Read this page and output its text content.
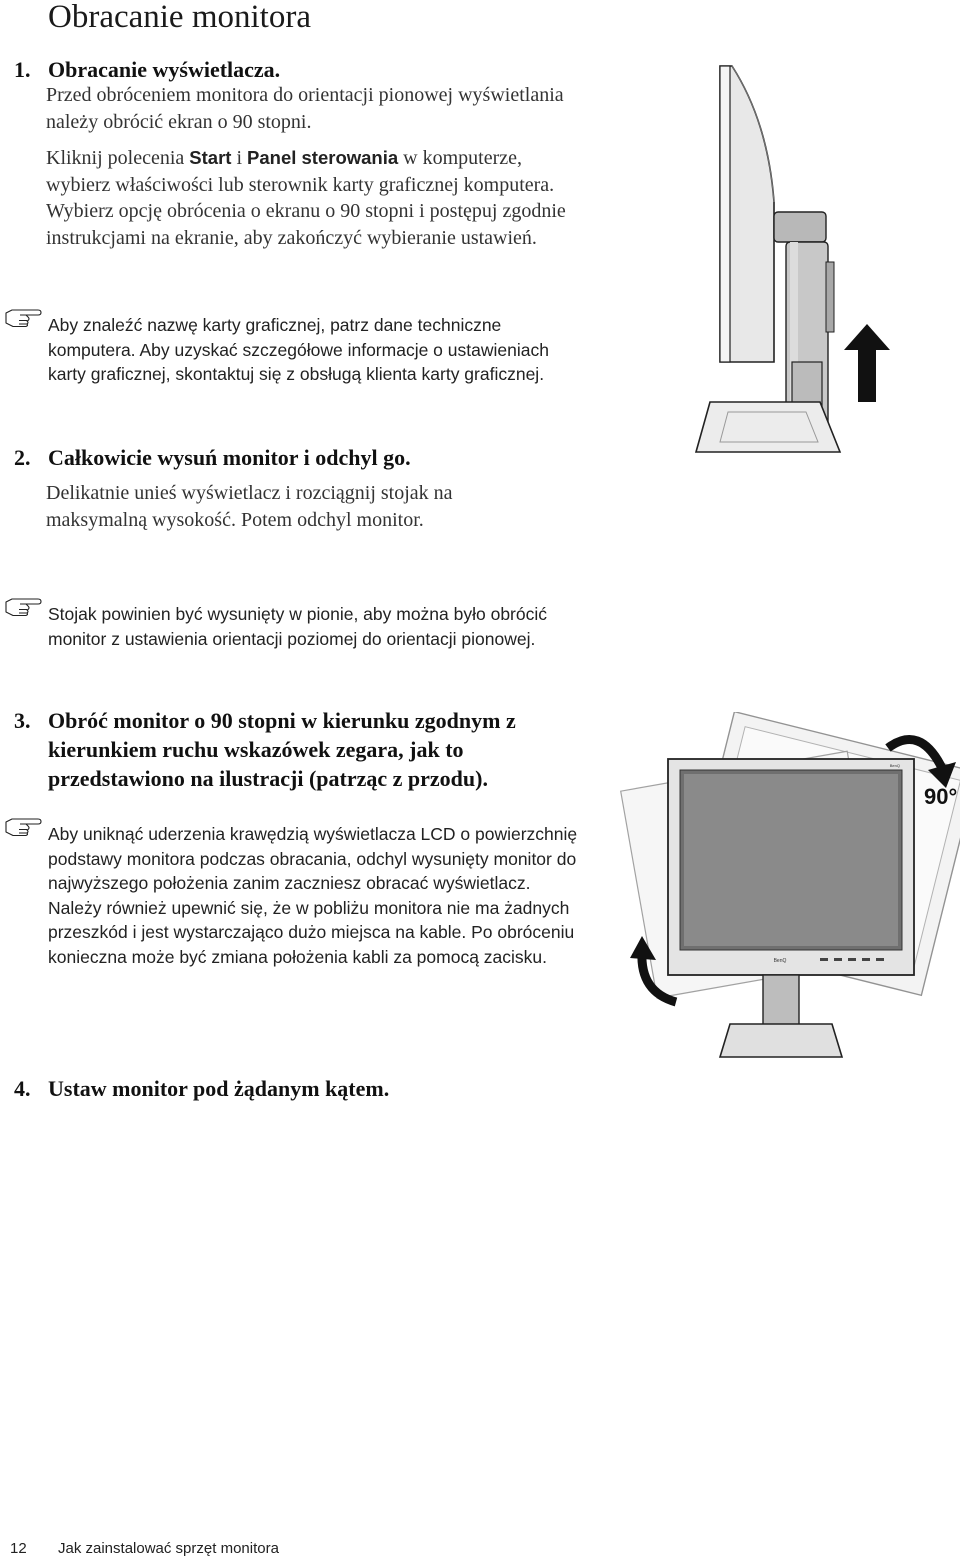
Obracanie monitora
1. Obracanie wyświetlacza.

Przed obróceniem monitora do orientacji pionowej wyświetlania należy obrócić ekran o 90 stopni.

Kliknij polecenia Start i Panel sterowania w komputerze, wybierz właściwości lub sterownik karty graficznej komputera. Wybierz opcję obrócenia o ekranu o 90 stopni i postępuj zgodnie instrukcjami na ekranie, aby zakończyć wybieranie ustawień.

Aby znaleźć nazwę karty graficznej, patrz dane techniczne komputera. Aby uzyskać szczegółowe informacje o ustawieniach karty graficznej, skontaktuj się z obsługą klienta karty graficznej.

2. Całkowicie wysuń monitor i odchyl go.
Delikatnie unieś wyświetlacz i rozciągnij stojak na maksymalną wysokość. Potem odchyl monitor.

Stojak powinien być wysunięty w pionie, aby można było obrócić monitor z ustawienia orientacji poziomej do orientacji pionowej.

3. Obróć monitor o 90 stopni w kierunku zgodnym z kierunkiem ruchu wskazówek zegara, jak to przedstawiono na ilustracji (patrząc z przodu).

Aby uniknąć uderzenia krawędzią wyświetlacza LCD o powierzchnię podstawy monitora podczas obracania, odchyl wysunięty monitor do najwyższego położenia zanim zaczniesz obracać wyświetlacz.

Należy również upewnić się, że w pobliżu monitora nie ma żadnych przeszkód i jest wystarczająco dużo miejsca na kable. Po obróceniu konieczna może być zmiana położenia kabli za pomocą zacisku.

4. Ustaw monitor pod żądanym kątem.
BenQ
BenQ
90°
12 Jak zainstalować sprzęt monitora
